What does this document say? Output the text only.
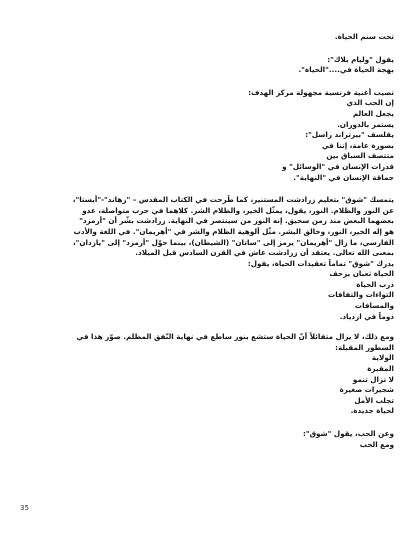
تحت سنم الحياة.
يقول "وليام بلاك":
بهجة الحياة في...."الحياة".
تصيب أغنية فرنسية مجهولة مركز الهدف:
إن الحب الذي
يجعل العالم
يستمر بالدوران.
يقلسف "بيرتراند راسل":
بصورة عامة، إننا في
متتصف السباق بين
قدرات الإنسان في "الوسائل" و
حماقة الإنسان في "النهاية".
يتمسك "شوق" بتعليم زرادشت المستنير، كما طُرحت في الكتاب المقدس – "زهاند"-"أيستا"،
عن النور والظلام. النور، يقول، يمثّل الخير، والظلام الشر. كلاهما في حرب متواصلة، عدو
بعضهما البعض منذ زمن سحيق. إنه النور من سينتصر في النهاية. زرادشت بشّر أن "أرمزد"
هو إله الخير، النور، وخالق البشر. مثّل ألوهية الظلام والشر في "أهريمان". في اللغة والأدب
الفارسي، ما زال "أهريمان" يرمز إلى "ساتان" (الشيطان)، بينما حوّل "أرمزد" إلى "يازدان"،
بمعنى الله تعالى. يعتقد أن زرادشت عاش في القرن السادس قبل الميلاد.
يدرك "شوق" تماماً تعقيدات الحياة، يقول:
الحياة ثعبان يزحف
درب الحياة
التواءات والتفافات
والمسافات
دوماً في ازدياد.
ومع ذلك، لا يزال متفائلاً أنّ الحياة ستشع بنور ساطع في نهاية النّفق المظلم. صوّر هذا في
السطور المقبلة:
الولاية
المقبرة
لا تزال تنمو
شجيرات صغيرة
تجلب الأمل
لحياة جديدة.
وعن الحب، يقول "شوق":
ومع الحب
35
